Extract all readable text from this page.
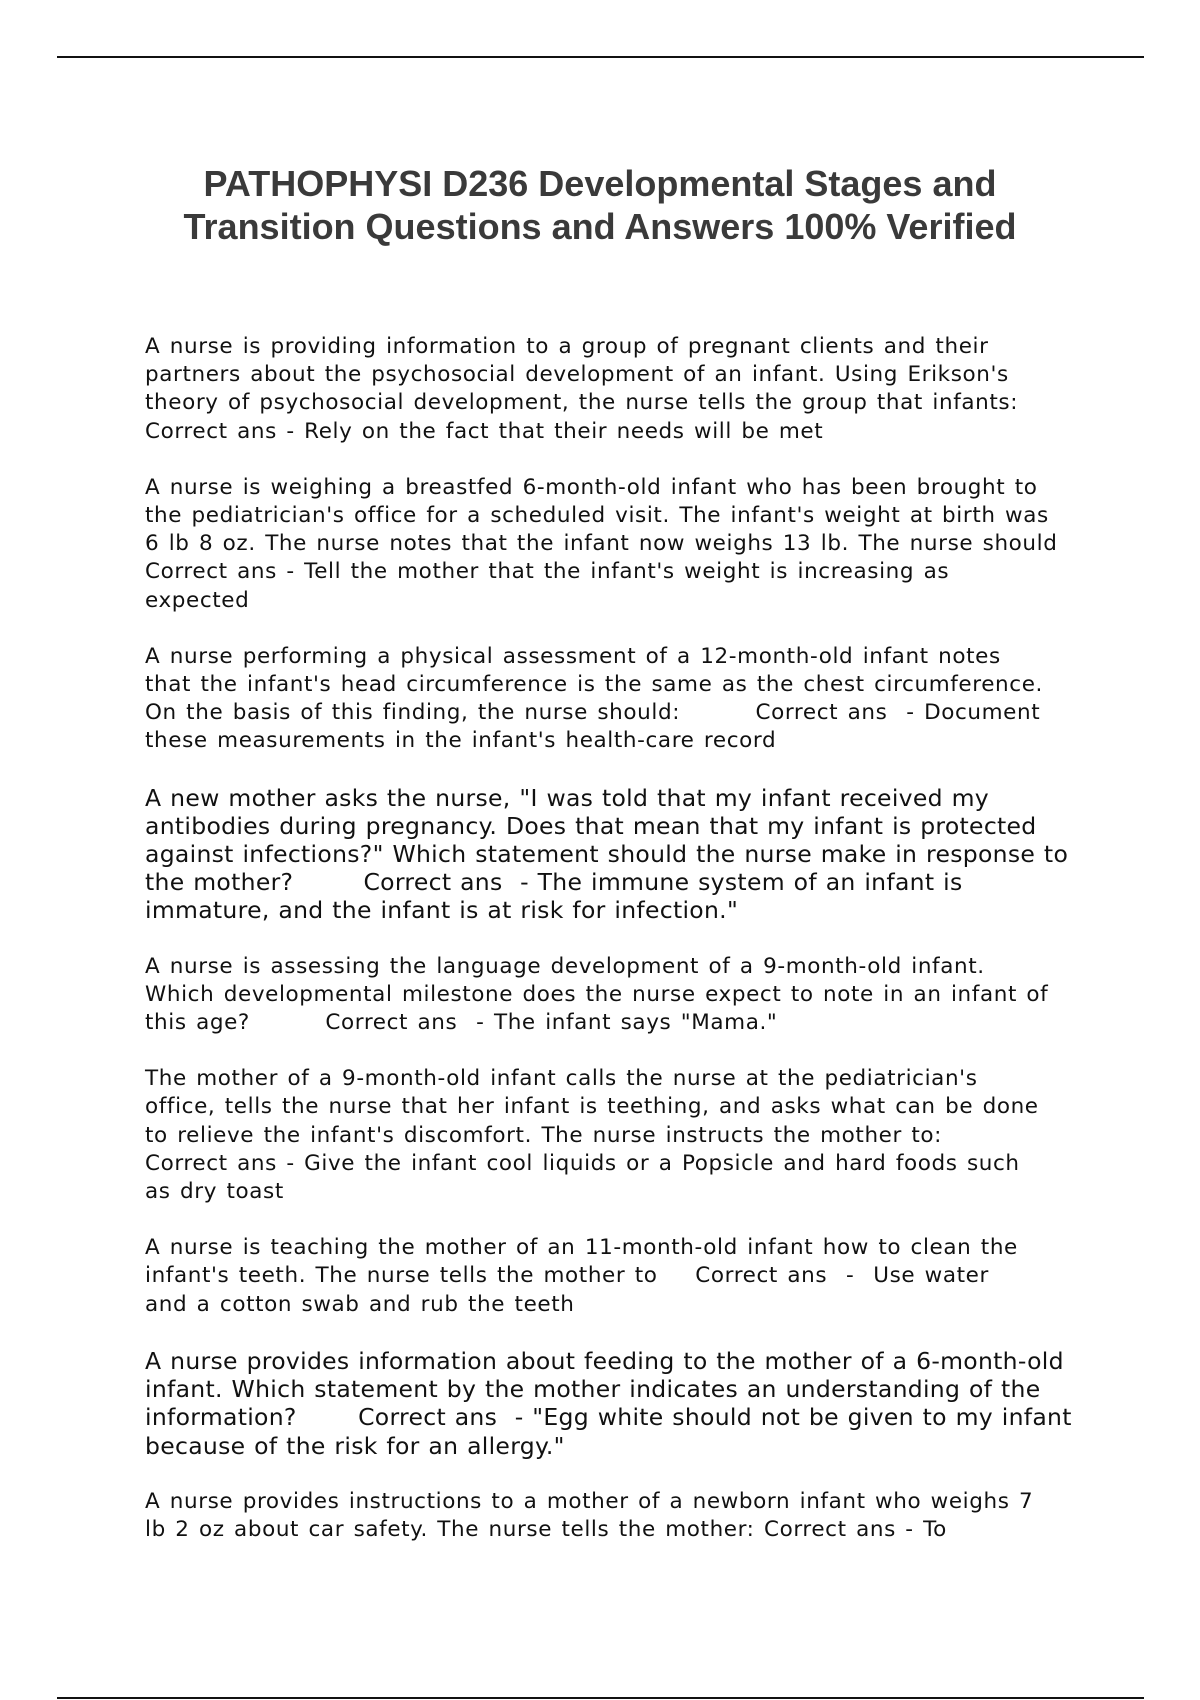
PATHOPHYSI D236 Developmental Stages and
Transition Questions and Answers 100% Verified
A nurse is providing information to a group of pregnant clients and their
partners about the psychosocial development of an infant. Using Erikson's
theory of psychosocial development, the nurse tells the group that infants:
Correct ans - Rely on the fact that their needs will be met
A nurse is weighing a breastfed 6-month-old infant who has been brought to
the pediatrician's office for a scheduled visit. The infant's weight at birth was
6 lb 8 oz. The nurse notes that the infant now weighs 13 lb. The nurse should
Correct ans - Tell the mother that the infant's weight is increasing as
expected
A nurse performing a physical assessment of a 12-month-old infant notes
that the infant's head circumference is the same as the chest circumference.
On the basis of this finding, the nurse should:        Correct ans  - Document
these measurements in the infant's health-care record
A new mother asks the nurse, "I was told that my infant received my
antibodies during pregnancy. Does that mean that my infant is protected
against infections?" Which statement should the nurse make in response to
the mother?        Correct ans  - The immune system of an infant is
immature, and the infant is at risk for infection."
A nurse is assessing the language development of a 9-month-old infant.
Which developmental milestone does the nurse expect to note in an infant of
this age?        Correct ans  - The infant says "Mama."
The mother of a 9-month-old infant calls the nurse at the pediatrician's
office, tells the nurse that her infant is teething, and asks what can be done
to relieve the infant's discomfort. The nurse instructs the mother to:
Correct ans - Give the infant cool liquids or a Popsicle and hard foods such
as dry toast
A nurse is teaching the mother of an 11-month-old infant how to clean the
infant's teeth. The nurse tells the mother to    Correct ans  -  Use water
and a cotton swab and rub the teeth
A nurse provides information about feeding to the mother of a 6-month-old
infant. Which statement by the mother indicates an understanding of the
information?       Correct ans  - "Egg white should not be given to my infant
because of the risk for an allergy."
A nurse provides instructions to a mother of a newborn infant who weighs 7
lb 2 oz about car safety. The nurse tells the mother: Correct ans - To
